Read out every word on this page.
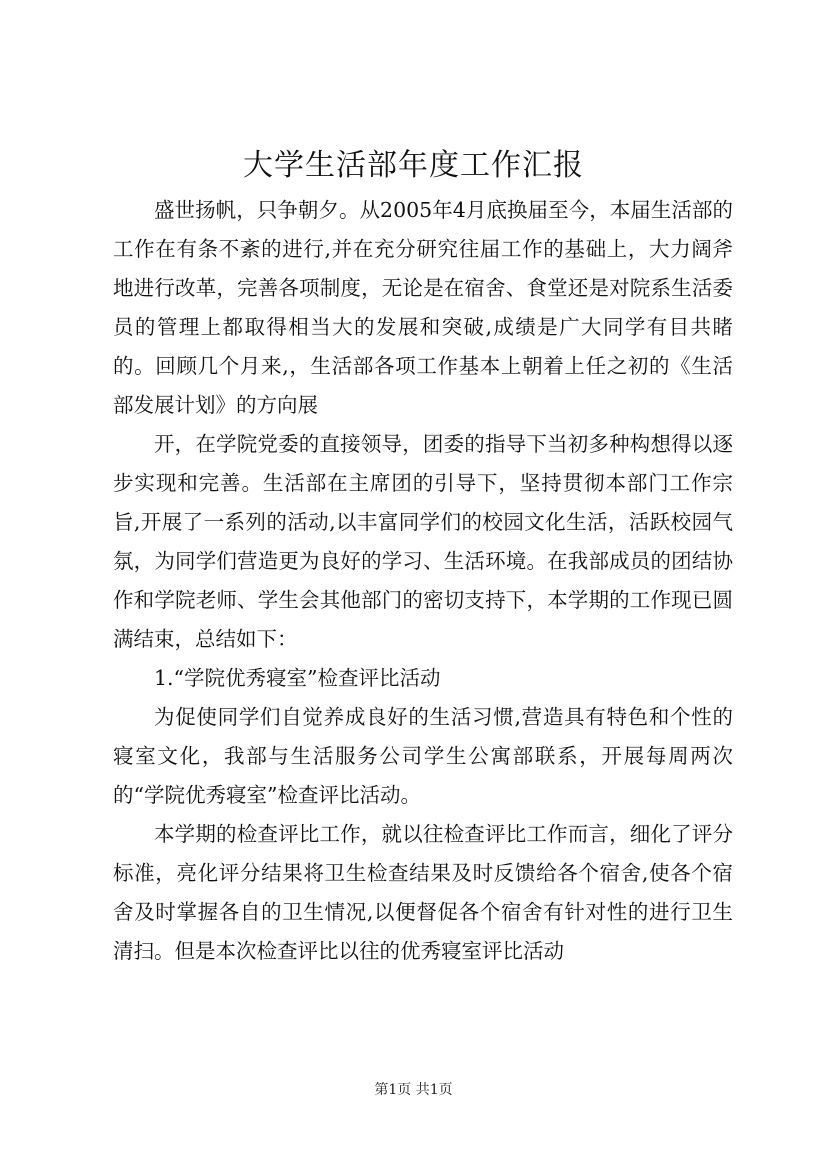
大学生活部年度工作汇报

盛世扬帆，只争朝夕。从2005年4月底换届至今，本届生活部的工作在有条不紊的进行,并在充分研究往届工作的基础上，大力阔斧地进行改革，完善各项制度，无论是在宿舍、食堂还是对院系生活委员的管理上都取得相当大的发展和突破,成绩是广大同学有目共睹的。回顾几个月来,，生活部各项工作基本上朝着上任之初的《生活部发展计划》的方向展

开，在学院党委的直接领导，团委的指导下当初多种构想得以逐步实现和完善。生活部在主席团的引导下，坚持贯彻本部门工作宗旨,开展了一系列的活动,以丰富同学们的校园文化生活，活跃校园气氛，为同学们营造更为良好的学习、生活环境。在我部成员的团结协作和学院老师、学生会其他部门的密切支持下，本学期的工作现已圆满结束，总结如下：

1.“学院优秀寝室”检查评比活动

为促使同学们自觉养成良好的生活习惯,营造具有特色和个性的寝室文化，我部与生活服务公司学生公寓部联系，开展每周两次的“学院优秀寝室”检查评比活动。

本学期的检查评比工作，就以往检查评比工作而言，细化了评分标准，亮化评分结果将卫生检查结果及时反馈给各个宿舍,使各个宿舍及时掌握各自的卫生情况,以便督促各个宿舍有针对性的进行卫生清扫。但是本次检查评比以往的优秀寝室评比活动

第1页 共1页
